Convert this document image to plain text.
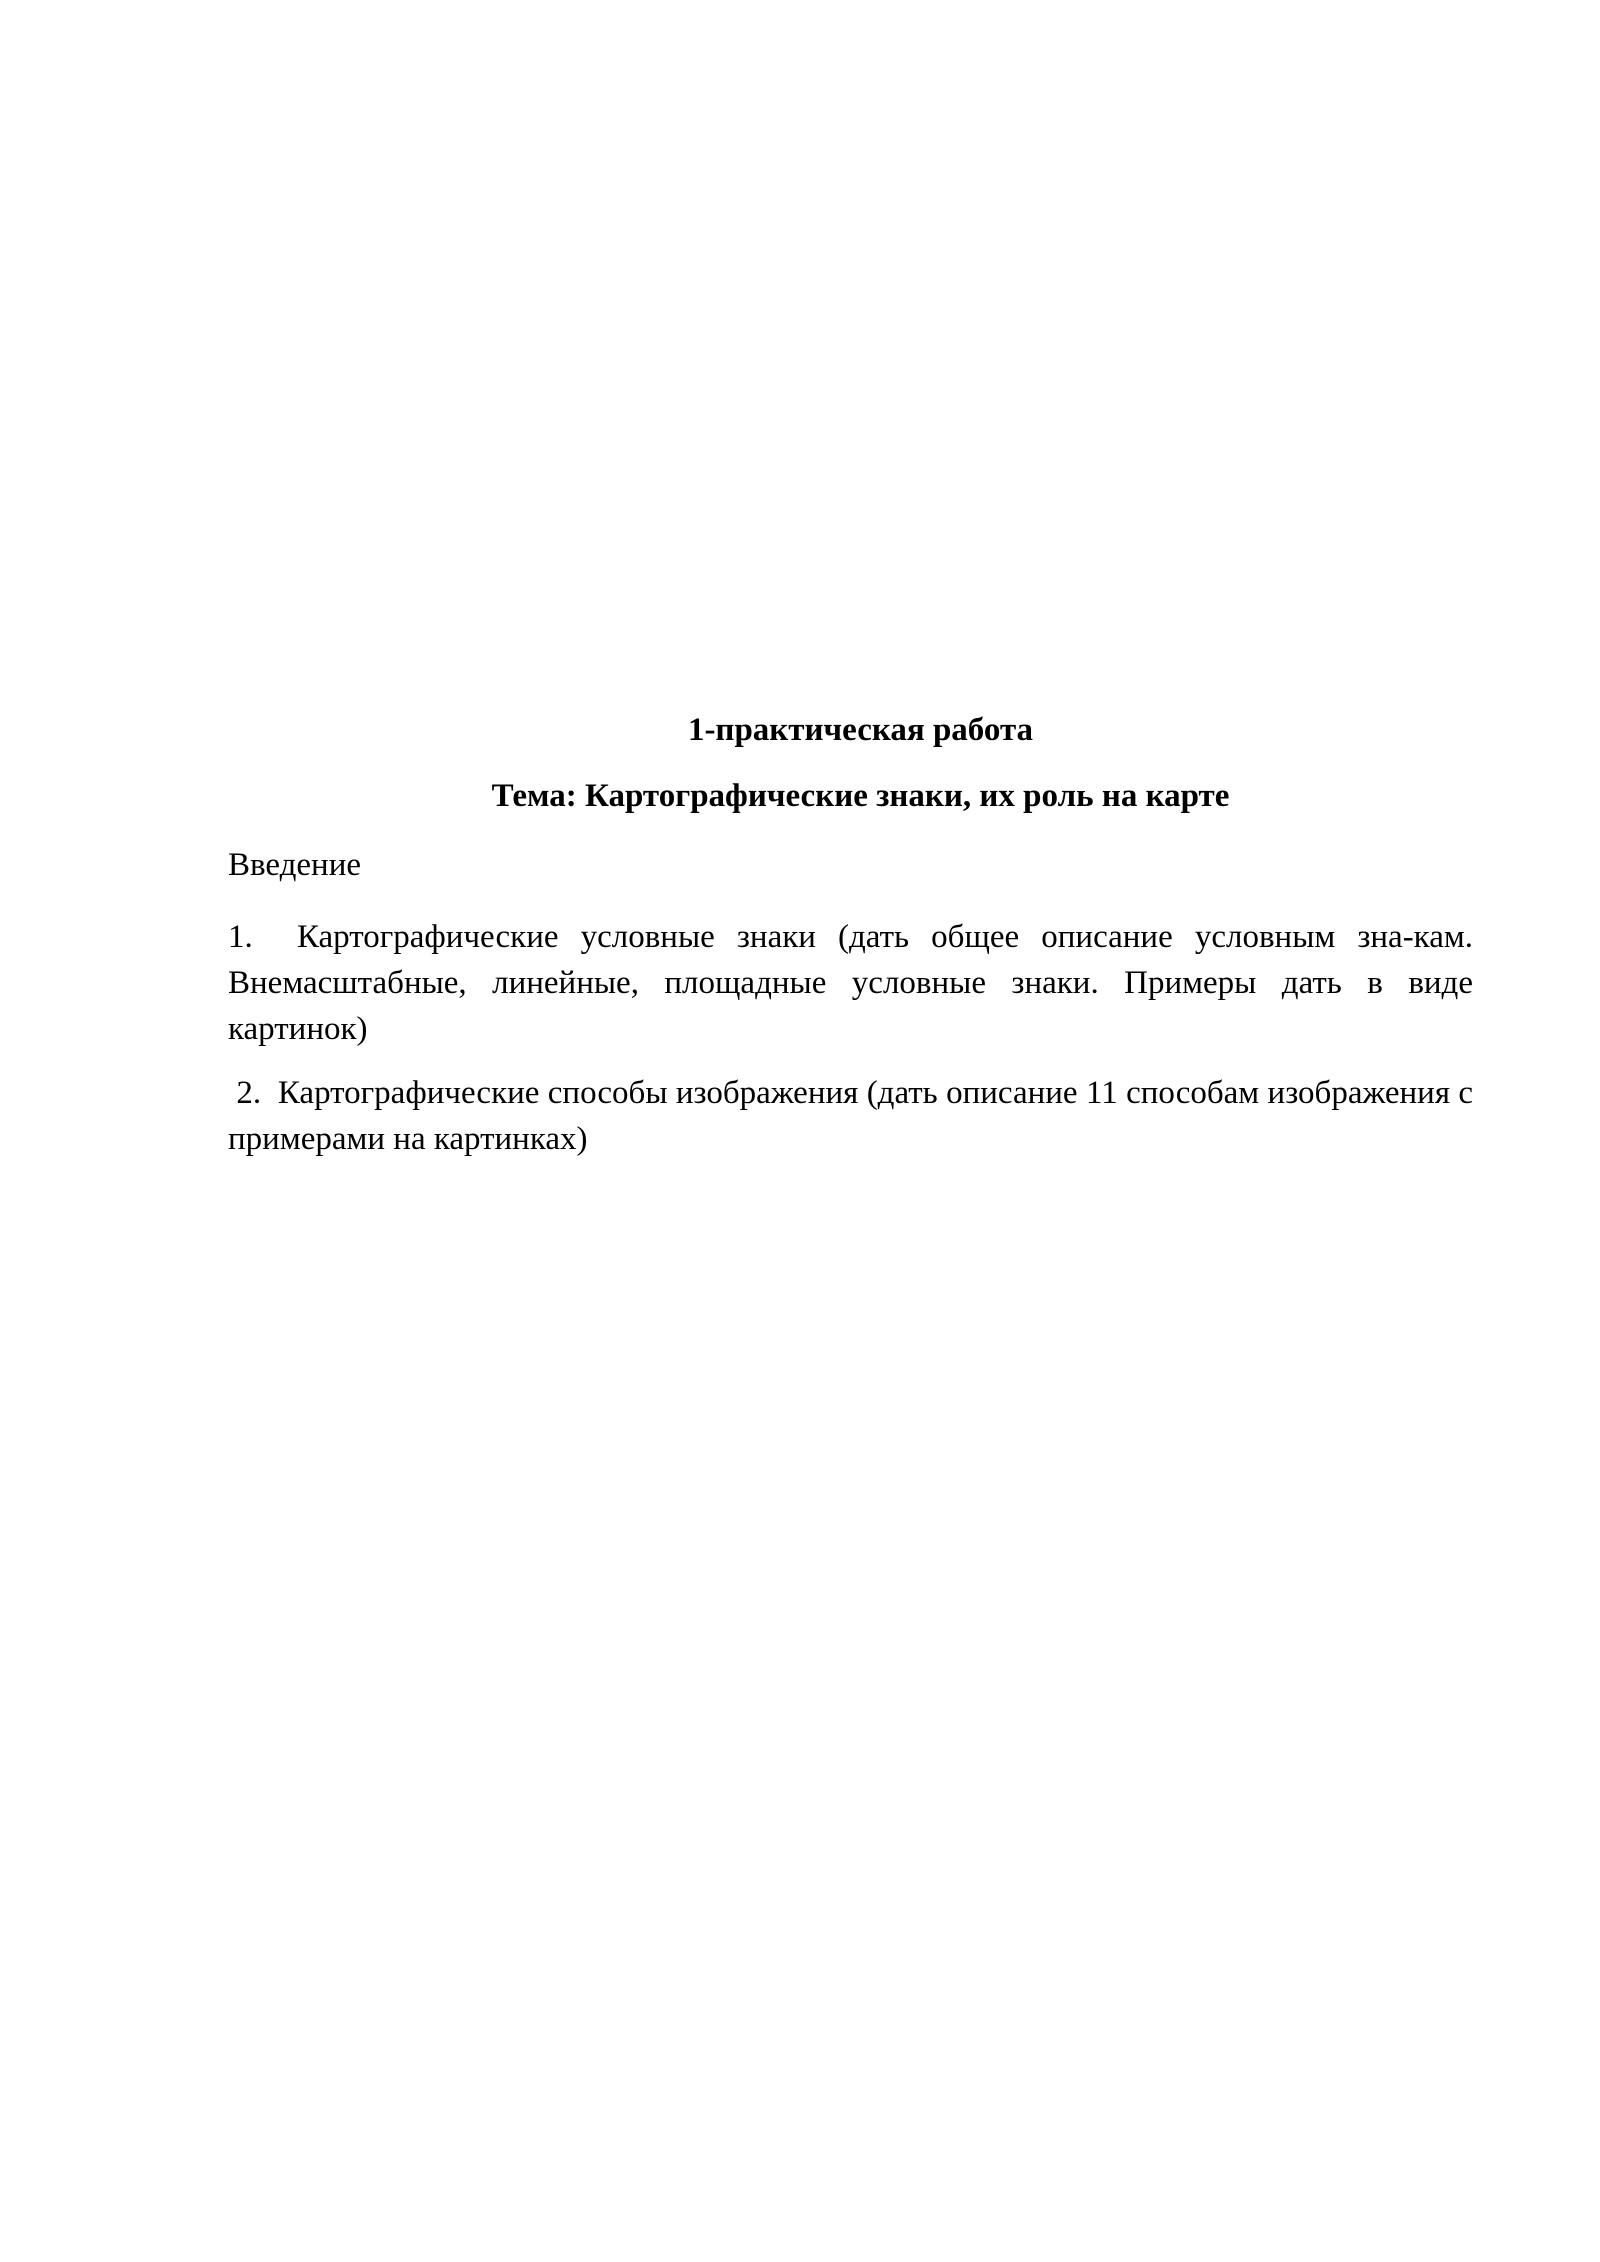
1-практическая работа

Тема: Картографические знаки, их роль на карте

Введение

1. Картографические условные знаки (дать общее описание условным зна-кам. Внемасштабные, линейные, площадные условные знаки. Примеры дать в виде картинок)

2. Картографические способы изображения (дать описание 11 способам изображения с примерами на картинках)
